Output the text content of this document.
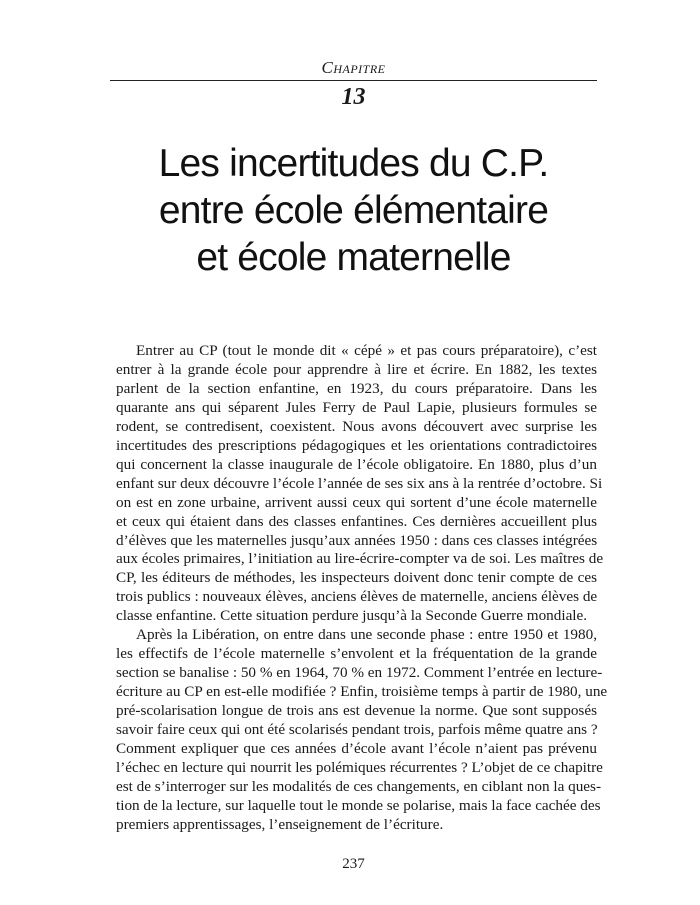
Chapitre
13
Les incertitudes du C.P.
entre école élémentaire
et école maternelle
Entrer au CP (tout le monde dit « cépé » et pas cours préparatoire), c’est
entrer à la grande école pour apprendre à lire et écrire. En 1882, les textes
parlent de la section enfantine, en 1923, du cours préparatoire. Dans les
quarante ans qui séparent Jules Ferry de Paul Lapie, plusieurs formules se
rodent, se contredisent, coexistent. Nous avons découvert avec surprise les
incertitudes des prescriptions pédagogiques et les orientations contradictoires
qui concernent la classe inaugurale de l’école obligatoire. En 1880, plus d’un
enfant sur deux découvre l’école l’année de ses six ans à la rentrée d’octobre. Si
on est en zone urbaine, arrivent aussi ceux qui sortent d’une école maternelle
et ceux qui étaient dans des classes enfantines. Ces dernières accueillent plus
d’élèves que les maternelles jusqu’aux années 1950 : dans ces classes intégrées
aux écoles primaires, l’initiation au lire-écrire-compter va de soi. Les maîtres de
CP, les éditeurs de méthodes, les inspecteurs doivent donc tenir compte de ces
trois publics : nouveaux élèves, anciens élèves de maternelle, anciens élèves de
classe enfantine. Cette situation perdure jusqu’à la Seconde Guerre mondiale.
Après la Libération, on entre dans une seconde phase : entre 1950 et 1980,
les effectifs de l’école maternelle s’envolent et la fréquentation de la grande
section se banalise : 50 % en 1964, 70 % en 1972. Comment l’entrée en lecture-
écriture au CP en est-elle modifiée ? Enfin, troisième temps à partir de 1980, une
pré-scolarisation longue de trois ans est devenue la norme. Que sont supposés
savoir faire ceux qui ont été scolarisés pendant trois, parfois même quatre ans ?
Comment expliquer que ces années d’école avant l’école n’aient pas prévenu
l’échec en lecture qui nourrit les polémiques récurrentes ? L’objet de ce chapitre
est de s’interroger sur les modalités de ces changements, en ciblant non la ques-
tion de la lecture, sur laquelle tout le monde se polarise, mais la face cachée des
premiers apprentissages, l’enseignement de l’écriture.
237
